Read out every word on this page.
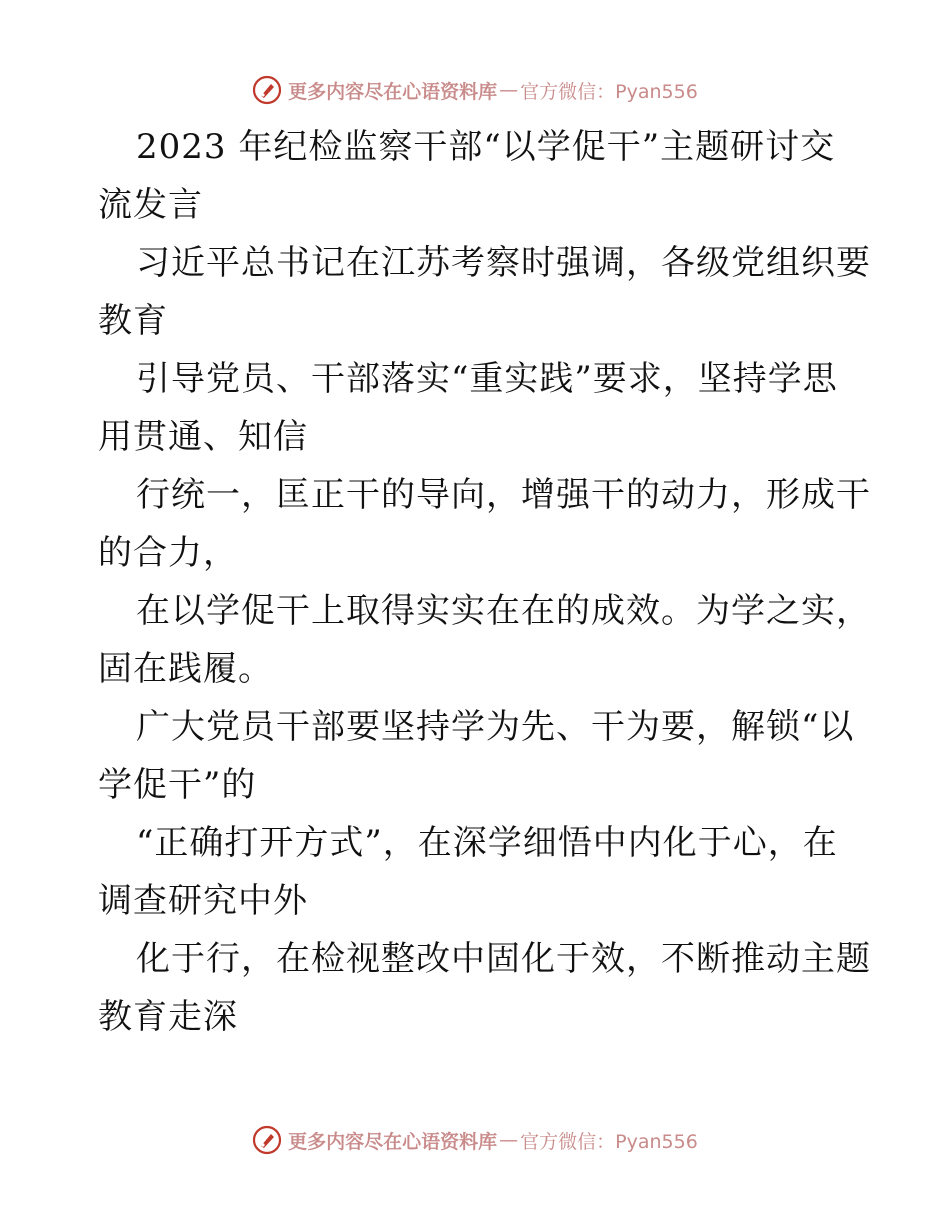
更多内容尽在心语资料库 — 官方微信：Pyan556
2023 年纪检监察干部“以学促干”主题研讨交
流发言
习近平总书记在江苏考察时强调，各级党组织要
教育
引导党员、干部落实“重实践”要求，坚持学思
用贯通、知信
行统一，匡正干的导向，增强干的动力，形成干
的合力，
在以学促干上取得实实在在的成效。为学之实，
固在践履。
广大党员干部要坚持学为先、干为要，解锁“以
学促干”的
“正确打开方式”，在深学细悟中内化于心，在
调查研究中外
化于行，在检视整改中固化于效，不断推动主题
教育走深
更多内容尽在心语资料库 — 官方微信：Pyan556
